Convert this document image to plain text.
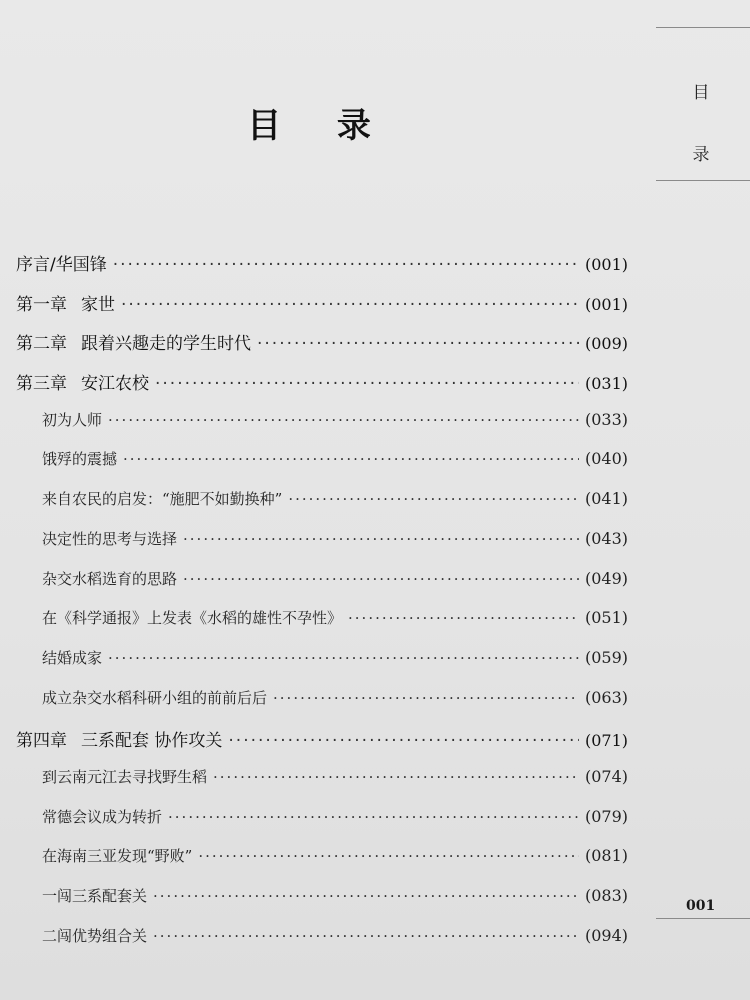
目 录
目
录
001
序言/华国锋 ·····	(001)
第一章 家世 ·····	(001)
第二章 跟着兴趣走的学生时代 ·····	(009)
第三章 安江农校 ·····	(031)
初为人师 ·····	(033)
饿殍的震撼 ·····	(040)
来自农民的启发：“施肥不如勤换种” ·····	(041)
决定性的思考与选择 ·····	(043)
杂交水稻选育的思路 ·····	(049)
在《科学通报》上发表《水稻的雄性不孕性》 ·····	(051)
结婚成家 ·····	(059)
成立杂交水稻科研小组的前前后后 ·····	(063)
第四章 三系配套 协作攻关 ·····	(071)
到云南元江去寻找野生稻 ·····	(074)
常德会议成为转折 ·····	(079)
在海南三亚发现“野败” ·····	(081)
一闯三系配套关 ·····	(083)
二闯优势组合关 ·····	(094)
